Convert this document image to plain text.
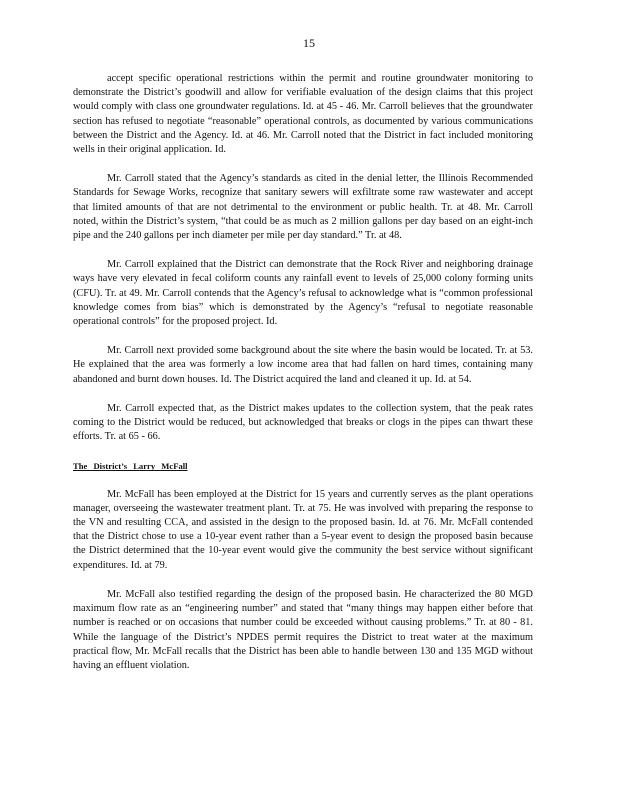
15

accept specific operational restrictions within the permit and routine groundwater monitoring to demonstrate the District’s goodwill and allow for verifiable evaluation of the design claims that this project would comply with class one groundwater regulations. Id. at 45 - 46. Mr. Carroll believes that the groundwater section has refused to negotiate “reasonable” operational controls, as documented by various communications between the District and the Agency. Id. at 46. Mr. Carroll noted that the District in fact included monitoring wells in their original application. Id.

Mr. Carroll stated that the Agency’s standards as cited in the denial letter, the Illinois Recommended Standards for Sewage Works, recognize that sanitary sewers will exfiltrate some raw wastewater and accept that limited amounts of that are not detrimental to the environment or public health. Tr. at 48. Mr. Carroll noted, within the District’s system, “that could be as much as 2 million gallons per day based on an eight-inch pipe and the 240 gallons per inch diameter per mile per day standard.” Tr. at 48.

Mr. Carroll explained that the District can demonstrate that the Rock River and neighboring drainage ways have very elevated in fecal coliform counts any rainfall event to levels of 25,000 colony forming units (CFU). Tr. at 49. Mr. Carroll contends that the Agency’s refusal to acknowledge what is “common professional knowledge comes from bias” which is demonstrated by the Agency’s “refusal to negotiate reasonable operational controls” for the proposed project. Id.

Mr. Carroll next provided some background about the site where the basin would be located. Tr. at 53. He explained that the area was formerly a low income area that had fallen on hard times, containing many abandoned and burnt down houses. Id. The District acquired the land and cleaned it up. Id. at 54.

Mr. Carroll expected that, as the District makes updates to the collection system, that the peak rates coming to the District would be reduced, but acknowledged that breaks or clogs in the pipes can thwart these efforts. Tr. at 65 - 66.

The District’s Larry McFall

Mr. McFall has been employed at the District for 15 years and currently serves as the plant operations manager, overseeing the wastewater treatment plant. Tr. at 75. He was involved with preparing the response to the VN and resulting CCA, and assisted in the design to the proposed basin. Id. at 76. Mr. McFall contended that the District chose to use a 10-year event rather than a 5-year event to design the proposed basin because the District determined that the 10-year event would give the community the best service without significant expenditures. Id. at 79.

Mr. McFall also testified regarding the design of the proposed basin. He characterized the 80 MGD maximum flow rate as an “engineering number” and stated that “many things may happen either before that number is reached or on occasions that number could be exceeded without causing problems.” Tr. at 80 - 81. While the language of the District’s NPDES permit requires the District to treat water at the maximum practical flow, Mr. McFall recalls that the District has been able to handle between 130 and 135 MGD without having an effluent violation.
